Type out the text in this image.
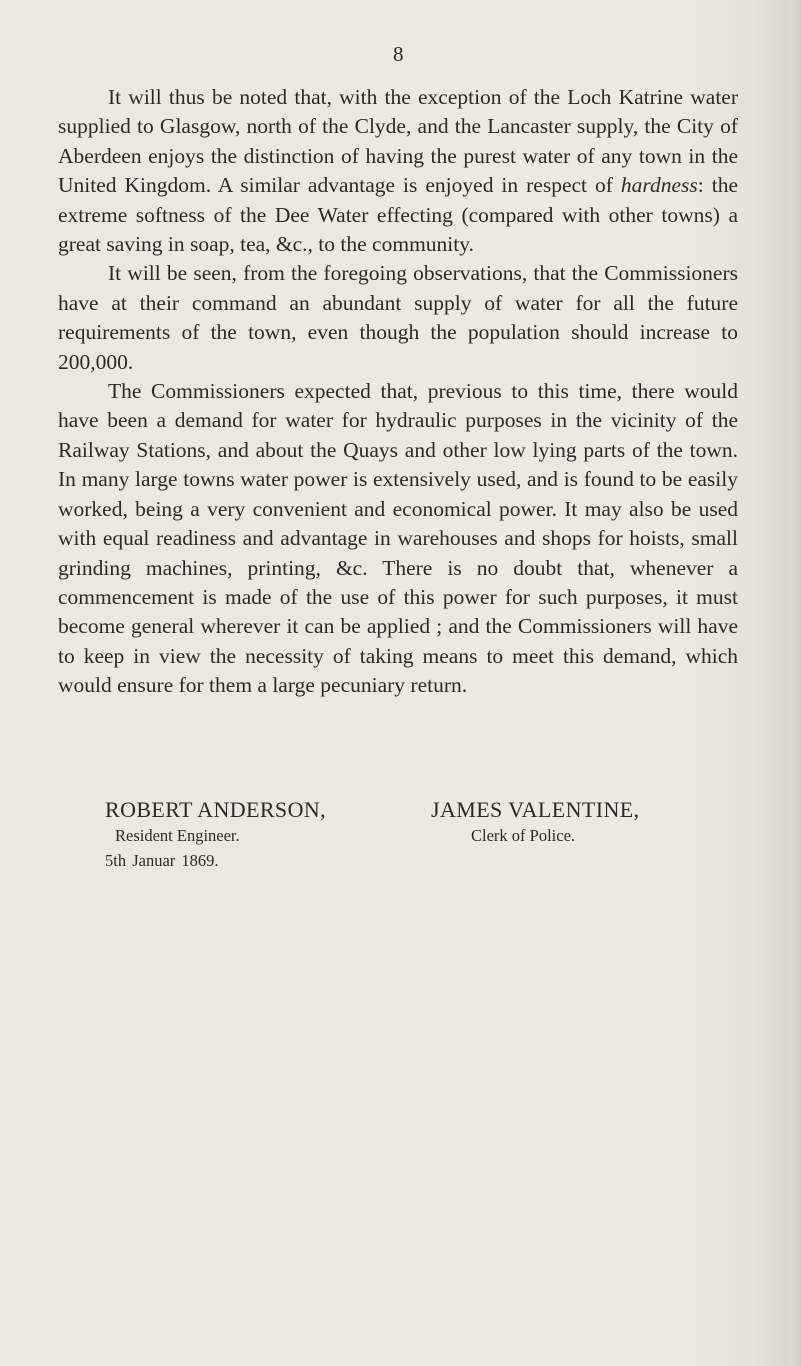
8

It will thus be noted that, with the exception of the Loch Katrine water supplied to Glasgow, north of the Clyde, and the Lancaster supply, the City of Aberdeen enjoys the distinction of having the purest water of any town in the United Kingdom. A similar advantage is enjoyed in respect of hardness: the extreme softness of the Dee Water effecting (compared with other towns) a great saving in soap, tea, &c., to the community.

It will be seen, from the foregoing observations, that the Commissioners have at their command an abundant supply of water for all the future requirements of the town, even though the population should increase to 200,000.

The Commissioners expected that, previous to this time, there would have been a demand for water for hydraulic purposes in the vicinity of the Railway Stations, and about the Quays and other low lying parts of the town. In many large towns water power is extensively used, and is found to be easily worked, being a very convenient and economical power. It may also be used with equal readiness and advantage in warehouses and shops for hoists, small grinding machines, printing, &c. There is no doubt that, whenever a commencement is made of the use of this power for such purposes, it must become general wherever it can be applied ; and the Commissioners will have to keep in view the necessity of taking means to meet this demand, which would ensure for them a large pecuniary return.

ROBERT ANDERSON,
Resident Engineer.
JAMES VALENTINE,
Clerk of Police.
5th Januar 1869.
